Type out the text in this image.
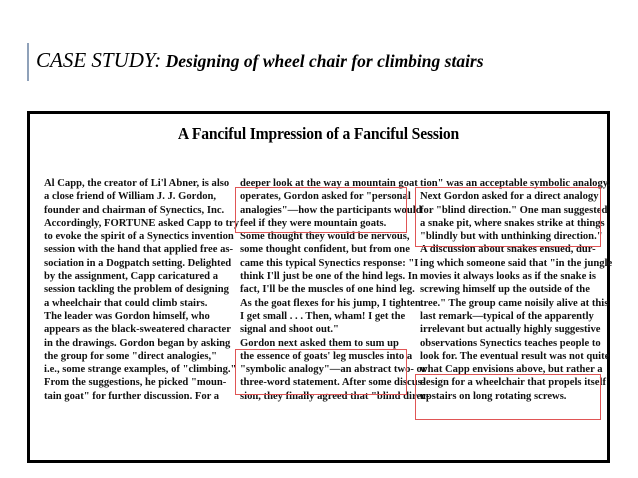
CASE STUDY: Designing of wheel chair for climbing stairs
A Fanciful Impression of a Fanciful Session
Al Capp, the creator of Li'l Abner, is also
a close friend of William J. J. Gordon,
founder and chairman of Synectics, Inc.
Accordingly, FORTUNE asked Capp to try
to evoke the spirit of a Synectics invention
session with the hand that applied free as-
sociation in a Dogpatch setting. Delighted
by the assignment, Capp caricatured a
session tackling the problem of designing
a wheelchair that could climb stairs.
The leader was Gordon himself, who
appears as the black-sweatered character
in the drawings. Gordon began by asking
the group for some "direct analogies,"
i.e., some strange examples, of "climbing."
From the suggestions, he picked "moun-
tain goat" for further discussion. For a
deeper look at the way a mountain goat
operates, Gordon asked for "personal
analogies"—how the participants would
feel if they were mountain goats.
Some thought they would be nervous,
some thought confident, but from one
came this typical Synectics response: "I
think I'll just be one of the hind legs. In
fact, I'll be the muscles of one hind leg.
As the goat flexes for his jump, I tighten.
I get small . . . Then, wham! I get the
signal and shoot out."
Gordon next asked them to sum up
the essence of goats' leg muscles into a
"symbolic analogy"—an abstract two- or
three-word statement. After some discus-
sion, they finally agreed that "blind direc-
tion" was an acceptable symbolic analogy.
Next Gordon asked for a direct analogy
for "blind direction." One man suggested
a snake pit, where snakes strike at things
"blindly but with unthinking direction."
A discussion about snakes ensued, dur-
ing which someone said that "in the jungle
movies it always looks as if the snake is
screwing himself up the outside of the
tree." The group came noisily alive at this
last remark—typical of the apparently
irrelevant but actually highly suggestive
observations Synectics teaches people to
look for. The eventual result was not quite
what Capp envisions above, but rather a
design for a wheelchair that propels itself
upstairs on long rotating screws.
